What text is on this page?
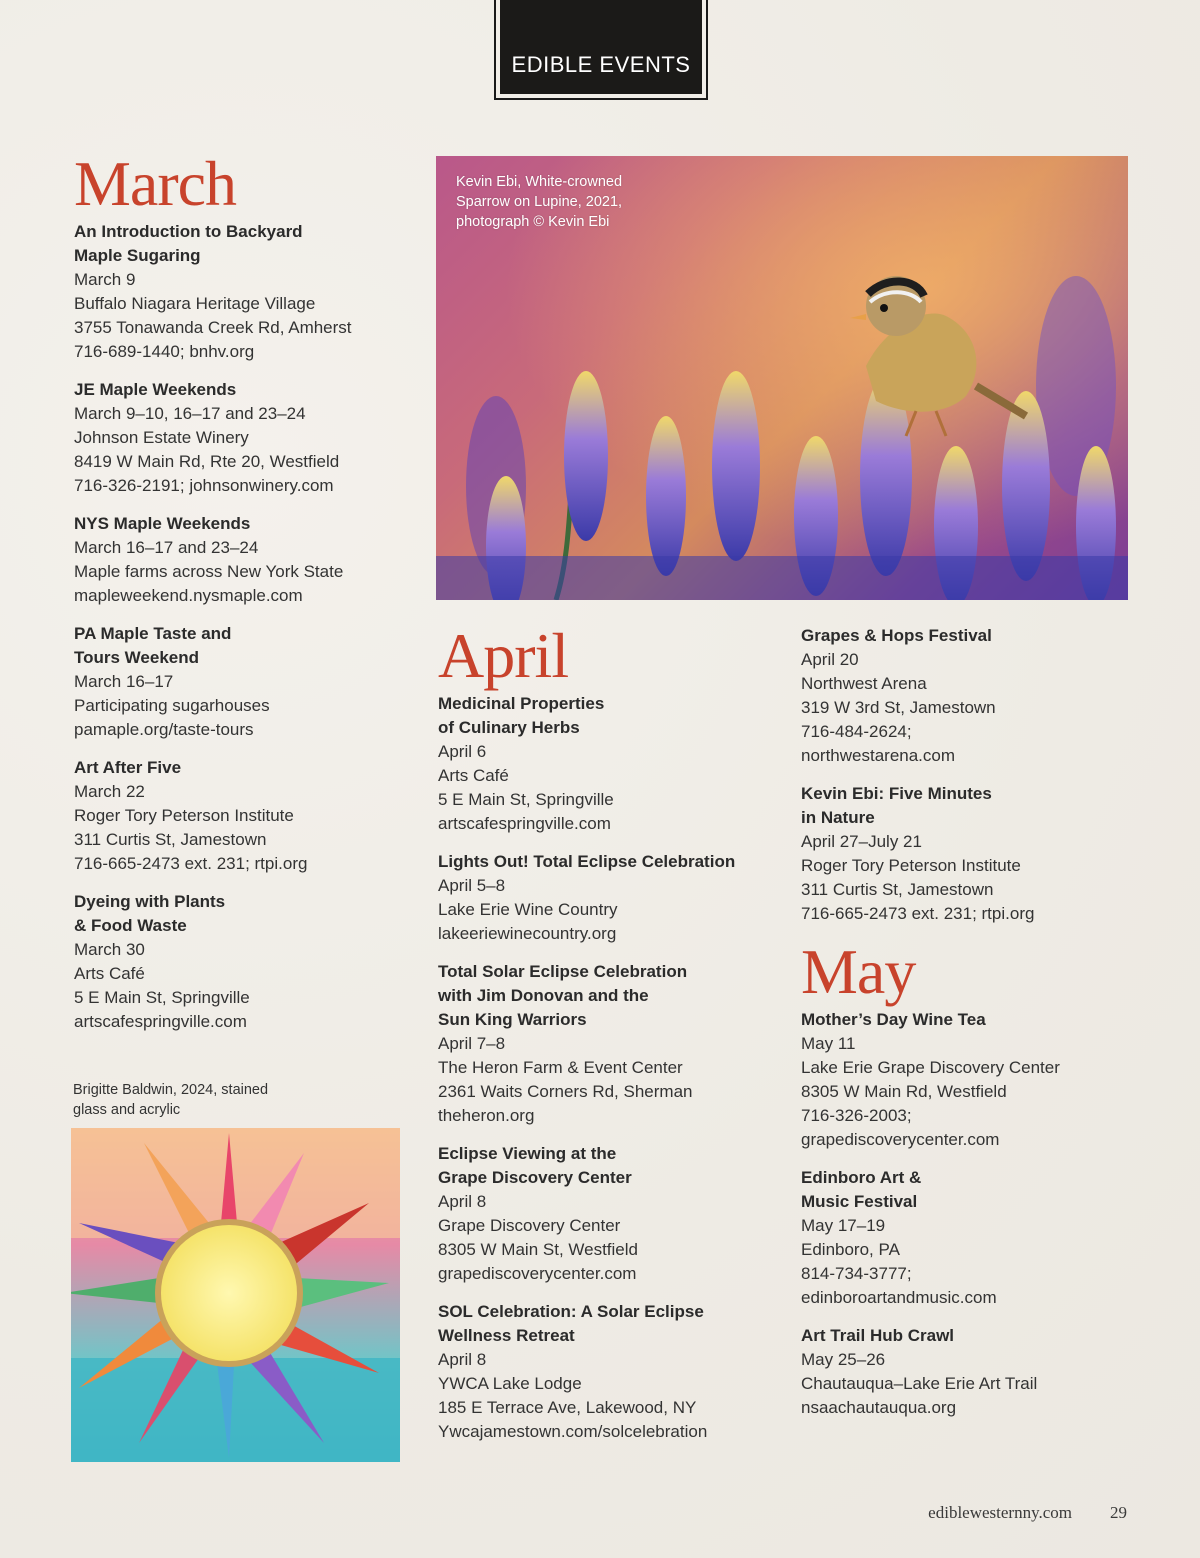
EDIBLE EVENTS
March
An Introduction to Backyard
Maple Sugaring
March 9
Buffalo Niagara Heritage Village
3755 Tonawanda Creek Rd, Amherst
716-689-1440; bnhv.org
JE Maple Weekends
March 9–10, 16–17 and 23–24
Johnson Estate Winery
8419 W Main Rd, Rte 20, Westfield
716-326-2191; johnsonwinery.com
NYS Maple Weekends
March 16–17 and 23–24
Maple farms across New York State
mapleweekend.nysmaple.com
PA Maple Taste and
Tours Weekend
March 16–17
Participating sugarhouses
pamaple.org/taste-tours
Art After Five
March 22
Roger Tory Peterson Institute
311 Curtis St, Jamestown
716-665-2473 ext. 231; rtpi.org
Dyeing with Plants
& Food Waste
March 30
Arts Café
5 E Main St, Springville
artscafespringville.com
Brigitte Baldwin, 2024, stained
glass and acrylic
Kevin Ebi, White-crowned
Sparrow on Lupine, 2021,
photograph © Kevin Ebi
April
Medicinal Properties
of Culinary Herbs
April 6
Arts Café
5 E Main St, Springville
artscafespringville.com
Lights Out! Total Eclipse Celebration
April 5–8
Lake Erie Wine Country
lakeeriewinecountry.org
Total Solar Eclipse Celebration
with Jim Donovan and the
Sun King Warriors
April 7–8
The Heron Farm & Event Center
2361 Waits Corners Rd, Sherman
theheron.org
Eclipse Viewing at the
Grape Discovery Center
April 8
Grape Discovery Center
8305 W Main St, Westfield
grapediscoverycenter.com
SOL Celebration: A Solar Eclipse
Wellness Retreat
April 8
YWCA Lake Lodge
185 E Terrace Ave, Lakewood, NY
Ywcajamestown.com/solcelebration
Grapes & Hops Festival
April 20
Northwest Arena
319 W 3rd St, Jamestown
716-484-2624;
northwestarena.com
Kevin Ebi: Five Minutes
in Nature
April 27–July 21
Roger Tory Peterson Institute
311 Curtis St, Jamestown
716-665-2473 ext. 231; rtpi.org
May
Mother’s Day Wine Tea
May 11
Lake Erie Grape Discovery Center
8305 W Main Rd, Westfield
716-326-2003;
grapediscoverycenter.com
Edinboro Art &
Music Festival
May 17–19
Edinboro, PA
814-734-3777;
edinboroartandmusic.com
Art Trail Hub Crawl
May 25–26
Chautauqua–Lake Erie Art Trail
nsaachautauqua.org
ediblewesternny.com 29
